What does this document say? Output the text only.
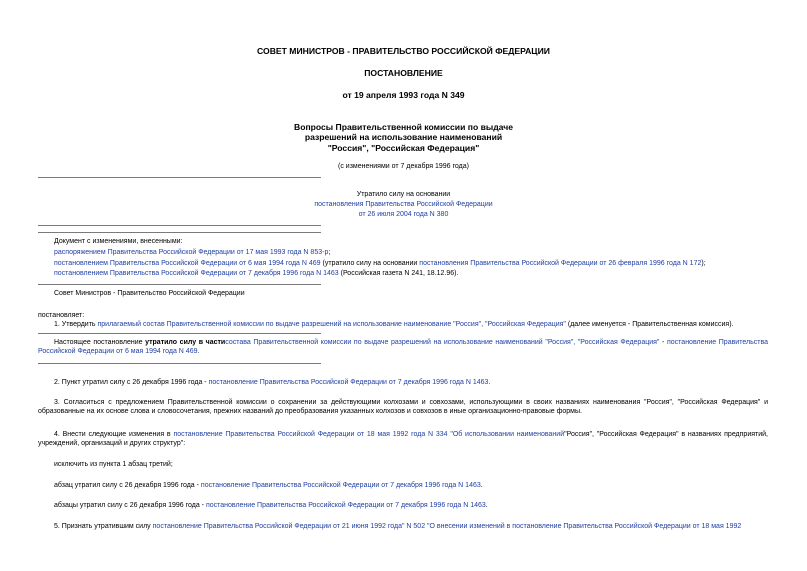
СОВЕТ МИНИСТРОВ - ПРАВИТЕЛЬСТВО РОССИЙСКОЙ ФЕДЕРАЦИИ
ПОСТАНОВЛЕНИЕ
от 19 апреля 1993 года N 349
Вопросы Правительственной комиссии по выдаче
разрешений на использование наименований
"Россия", "Российская Федерация"
(с изменениями от 7 декабря 1996 года)
Утратило силу на основании
постановления Правительства Российской Федерации
от 26 июля 2004 года N 380
Документ с изменениями, внесенными:
распоряжением Правительства Российской Федерации от 17 мая 1993 года N 853-р;
постановлением Правительства Российской Федерации от 6 мая 1994 года N 469 (утратило силу на основании постановления Правительства Российской Федерации от 26 февраля 1996 года N 172);
постановлением Правительства Российской Федерации от 7 декабря 1996 года N 1463 (Российская газета N 241, 18.12.96).
Совет Министров - Правительство Российской Федерации
постановляет:
1. Утвердить прилагаемый состав Правительственной комиссии по выдаче разрешений на использование наименование "Россия", "Российская Федерация" (далее именуется - Правительственная комиссия).
Настоящее постановление утратило силу в частисостава Правительственной комиссии по выдаче разрешений на использование наименований "Россия", "Российская Федерация" - постановление Правительства Российской Федерации от 6 мая 1994 года N 469.
2. Пункт утратил силу с 26 декабря 1996 года - постановление Правительства Российской Федерации от 7 декабря 1996 года N 1463.
3. Согласиться с предложением Правительственной комиссии о сохранении за действующими колхозами и совхозами, использующими в своих названиях наименования "Россия", "Российская Федерация" и образованные на их основе слова и словосочетания, прежних названий до преобразования указанных колхозов и совхозов в иные организационно-правовые формы.
4. Внести следующие изменения в постановление Правительства Российской Федерации от 18 мая 1992 года N 334 "Об использовании наименований"Россия", "Российская Федерация" в названиях предприятий, учреждений, организаций и других структур":
исключить из пункта 1 абзац третий;
абзац утратил силу с 26 декабря 1996 года - постановление Правительства Российской Федерации от 7 декабря 1996 года N 1463.
абзацы утратил силу с 26 декабря 1996 года - постановление Правительства Российской Федерации от 7 декабря 1996 года N 1463.
5. Признать утратившим силу постановление Правительства Российской Федерации от 21 июня 1992 года" N 502 "О внесении изменений в постановление Правительства Российской Федерации от 18 мая 1992
